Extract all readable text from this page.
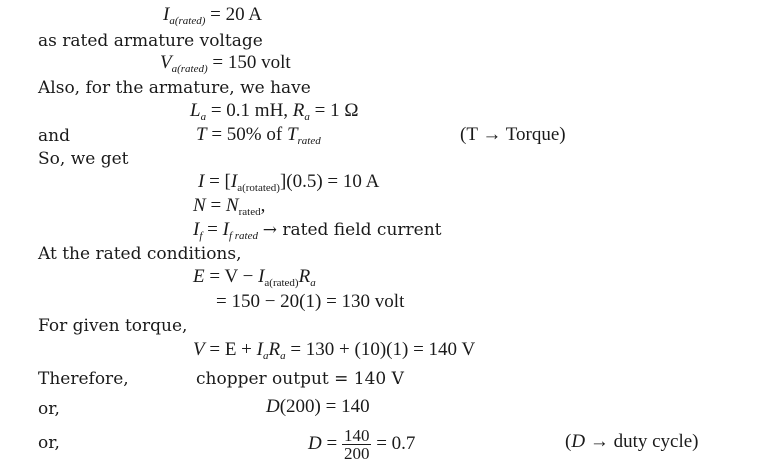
$I_{a(rated)} = 20$ A
as rated armature voltage
$V_{a(rated)} = 150$ volt
Also, for the armature, we have
$L_a = 0.1$ mH, $R_a = 1$ Ω
and	T = 50% of $T_{rated}$	(T → Torque)
So, we get
$I = [I_{a(rotated)}](0.5) = 10$ A
$N = N_{rated}$,
$I_f = I_{f rated}$ → rated field current
At the rated conditions,
$E = V - I_{a(rated)}R_a$
= 150 − 20(1) = 130 volt
For given torque,
$V = E + I_aR_a = 130 + (10)(1) = 140$ V
Therefore,	chopper output = 140 V
or,	D(200) = 140
or,	$D = \frac{140}{200} = 0.7$	(D → duty cycle)
